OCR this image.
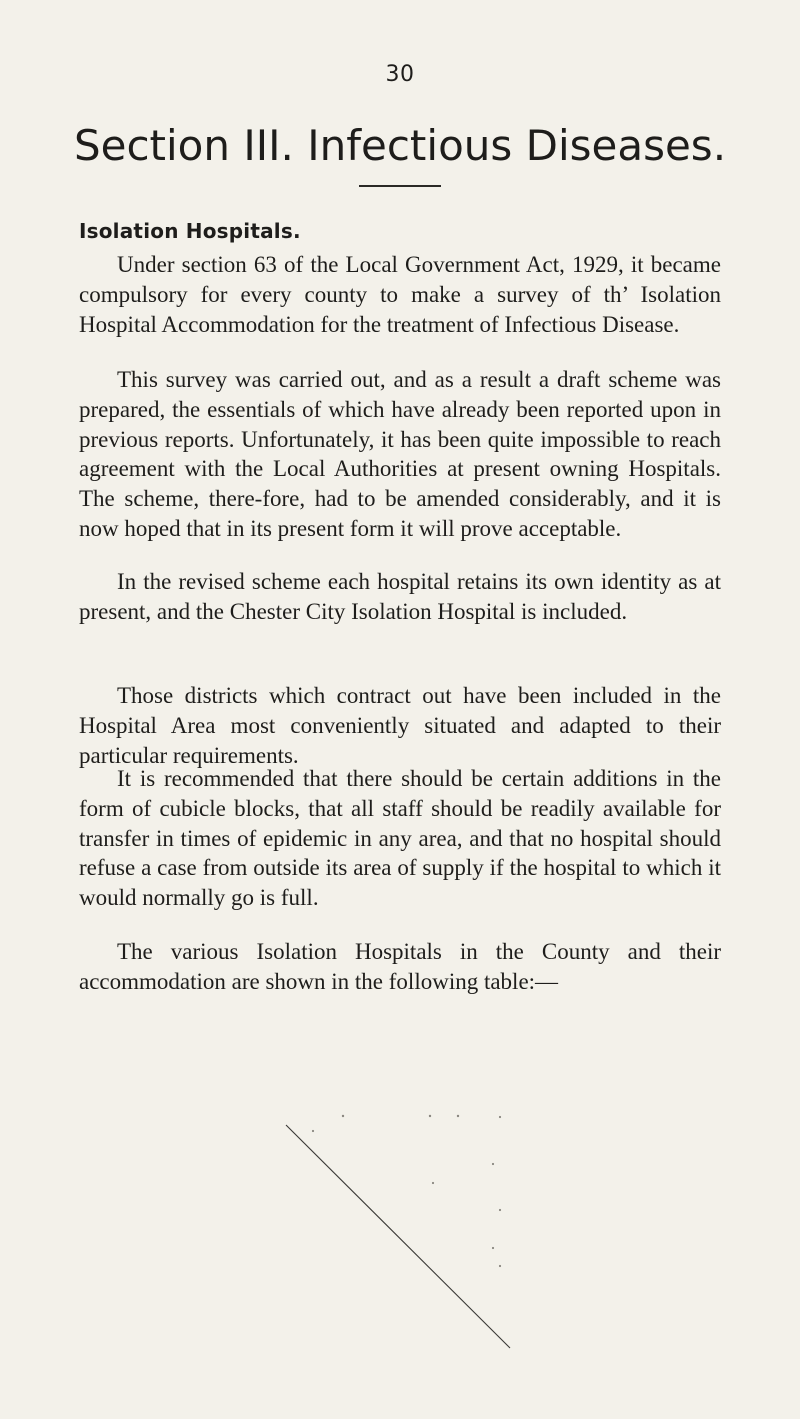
30
Section III. Infectious Diseases.
Isolation Hospitals.

Under section 63 of the Local Government Act, 1929, it became compulsory for every county to make a survey of th’ Isolation Hospital Accommodation for the treatment of Infectious Disease.

This survey was carried out, and as a result a draft scheme was prepared, the essentials of which have already been reported upon in previous reports. Unfortunately, it has been quite impossible to reach agreement with the Local Authorities at present owning Hospitals. The scheme, there-fore, had to be amended considerably, and it is now hoped that in its present form it will prove acceptable.

In the revised scheme each hospital retains its own identity as at present, and the Chester City Isolation Hospital is included.

Those districts which contract out have been included in the Hospital Area most conveniently situated and adapted to their particular requirements.

It is recommended that there should be certain additions in the form of cubicle blocks, that all staff should be readily available for transfer in times of epidemic in any area, and that no hospital should refuse a case from outside its area of supply if the hospital to which it would normally go is full.

The various Isolation Hospitals in the County and their accommodation are shown in the following table:—
